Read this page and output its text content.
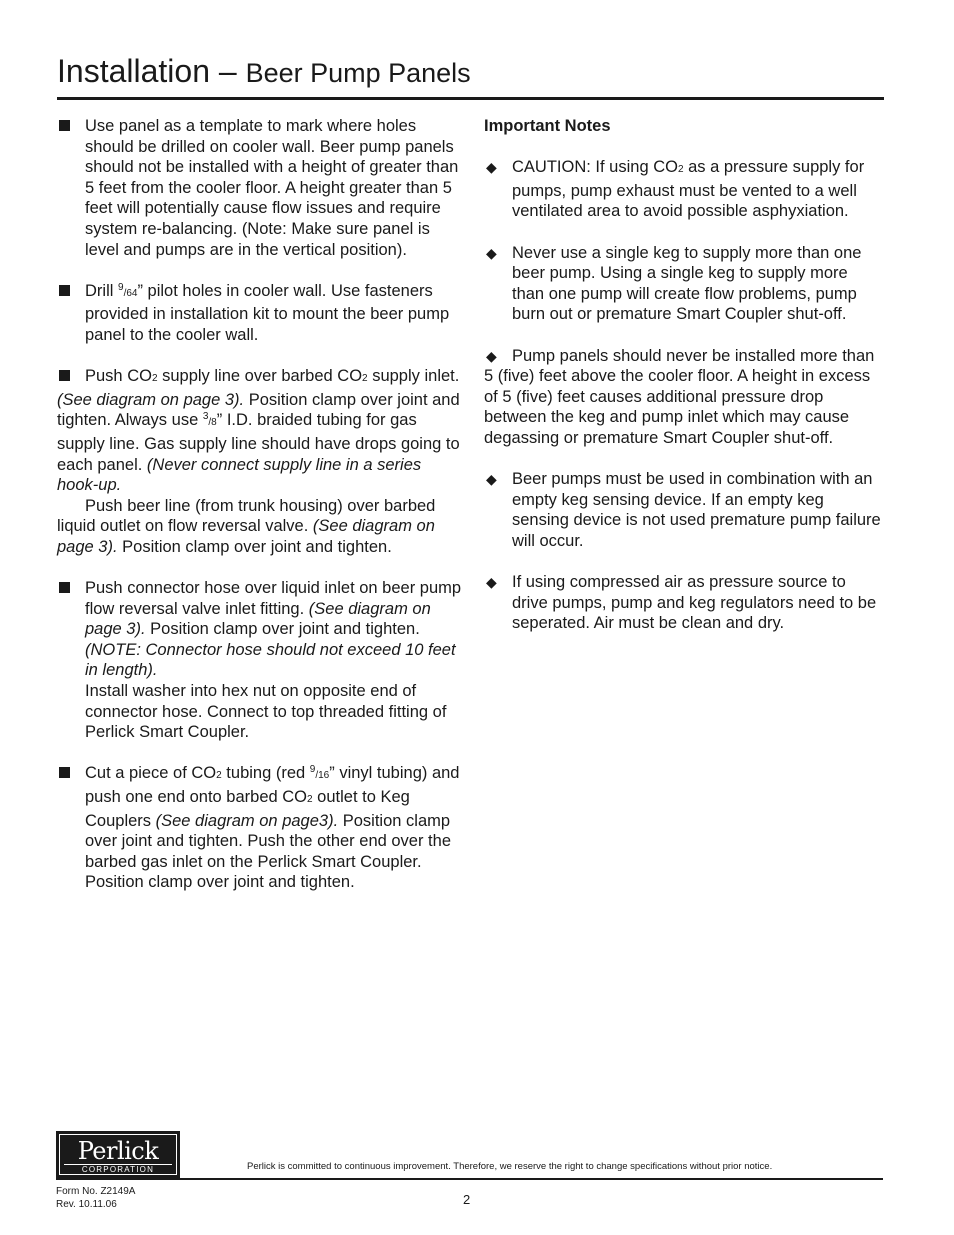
Installation – Beer Pump Panels

Use panel as a template to mark where holes should be drilled on cooler wall. Beer pump panels should not be installed with a height of greater than 5 feet from the cooler floor. A height greater than 5 feet will potentially cause flow issues and require system re-balancing. (Note: Make sure panel is level and pumps are in the vertical position).

Drill $^9$/64” pilot holes in cooler wall. Use fasteners provided in installation kit to mount the beer pump panel to the cooler wall.

Push CO2 supply line over barbed CO2 supply inlet. (See diagram on page 3). Position clamp over joint and tighten. Always use $^3$/8” I.D. braided tubing for gas supply line. Gas supply line should have drops going to each panel. (Never connect supply line in a series hook-up.

Push beer line (from trunk housing) over barbed liquid outlet on flow reversal valve. (See diagram on page 3). Position clamp over joint and tighten.

Push connector hose over liquid inlet on beer pump flow reversal valve inlet fitting. (See diagram on page 3). Position clamp over joint and tighten. (NOTE: Connector hose should not exceed 10 feet in length).

Install washer into hex nut on opposite end of connector hose. Connect to top threaded fitting of Perlick Smart Coupler.

Cut a piece of CO2 tubing (red $^9$/16” vinyl tubing) and push one end onto barbed CO2 outlet to Keg Couplers (See diagram on page3). Position clamp over joint and tighten. Push the other end over the barbed gas inlet on the Perlick Smart Coupler. Position clamp over joint and tighten.

Important Notes
◆ CAUTION: If using CO2 as a pressure supply for pumps, pump exhaust must be vented to a well ventilated area to avoid possible asphyxiation.

◆ Never use a single keg to supply more than one beer pump. Using a single keg to supply more than one pump will create flow problems, pump burn out or premature Smart Coupler shut-off.

◆ Pump panels should never be installed more than 5 (five) feet above the cooler floor. A height in excess of 5 (five) feet causes additional pressure drop between the keg and pump inlet which may cause degassing or premature Smart Coupler shut-off.

◆ Beer pumps must be used in combination with an empty keg sensing device. If an empty keg sensing device is not used premature pump failure will occur.

◆ If using compressed air as pressure source to drive pumps, pump and keg regulators need to be seperated. Air must be clean and dry.

Perlick
CORPORATION	Perlick is committed to continuous improvement. Therefore, we reserve the right to change specifications without prior notice.
Form No. Z2149A
Rev. 10.11.06	2
